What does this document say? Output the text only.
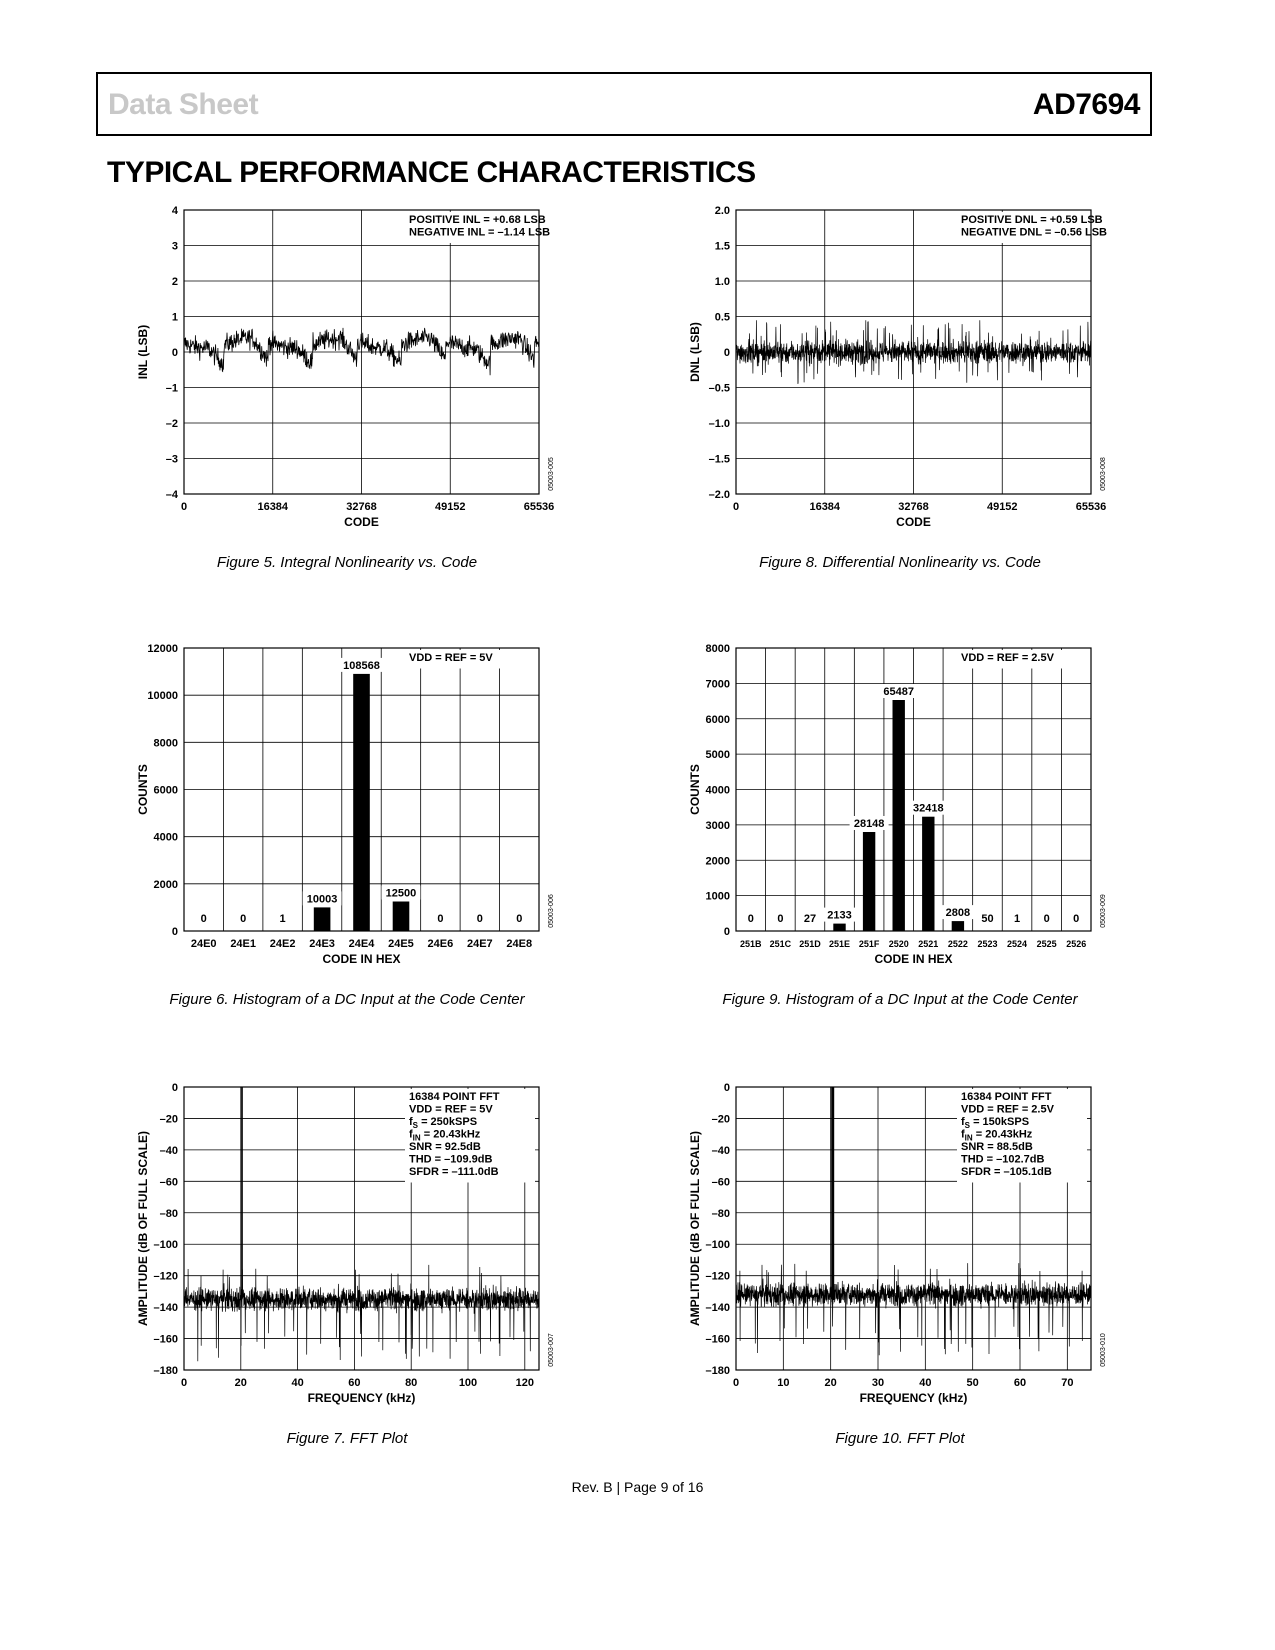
Data Sheet	AD7694
TYPICAL PERFORMANCE CHARACTERISTICS
–4
–3
–2
–1
0
1
2
3
4
0	16384	32768	49152	65536
POSITIVE INL = +0.68 LSB
NEGATIVE INL = –1.14 LSB
CODE
INL (LSB)
05003-005
–2.0
–1.5
–1.0
–0.5
0
0.5
1.0
1.5
2.0
0	16384	32768	49152	65536
POSITIVE DNL = +0.59 LSB
NEGATIVE DNL = –0.56 LSB
CODE
DNL (LSB)
05003-008
0
2000
4000
6000
8000
10000
12000
24E0 24E1 24E2 24E3 24E4 24E5 24E6 24E7 24E8
0	0	1
10003
108568
12500
0	0	0
VDD = REF = 5V
CODE IN HEX
COUNTS
05003-006
0
1000
2000
3000
4000
5000
6000
7000
8000
251B 251C 251D 251E 251F 2520 2521 2522 2523 2524 2525 2526
0 0 27 2133
28148
65487
32418
2808 50 1 0 0
VDD = REF = 2.5V
CODE IN HEX
COUNTS
05003-009
–180
–160
–140
–120
–100
–80
–60
–40
–20
0
0	20	40	60	80	100	120
16384 POINT FFT
VDD = REF = 5V
$f_S$ = 250kSPS
$f_{IN} = 20.43kHz$
SNR = 92.5dB
THD = –109.9dB
SFDR = –111.0dB
FREQUENCY (kHz)
AMPLITUDE (dB OF FULL SCALE)
05003-007
–180
–160
–140
–120
–100
–80
–60
–40
–20
0
0	10	20	30	40	50	60	70
16384 POINT FFT
VDD = REF = 2.5V
$f_S$ = 150kSPS
$f_{IN} = 20.43kHz$
SNR = 88.5dB
THD = –102.7dB
SFDR = –105.1dB
FREQUENCY (kHz)
AMPLITUDE (dB OF FULL SCALE)
05003-010
Figure 5. Integral Nonlinearity vs. Code	Figure 8. Differential Nonlinearity vs. Code
Figure 6. Histogram of a DC Input at the Code Center	Figure 9. Histogram of a DC Input at the Code Center
Figure 7. FFT Plot	Figure 10. FFT Plot
Rev. B | Page 9 of 16
